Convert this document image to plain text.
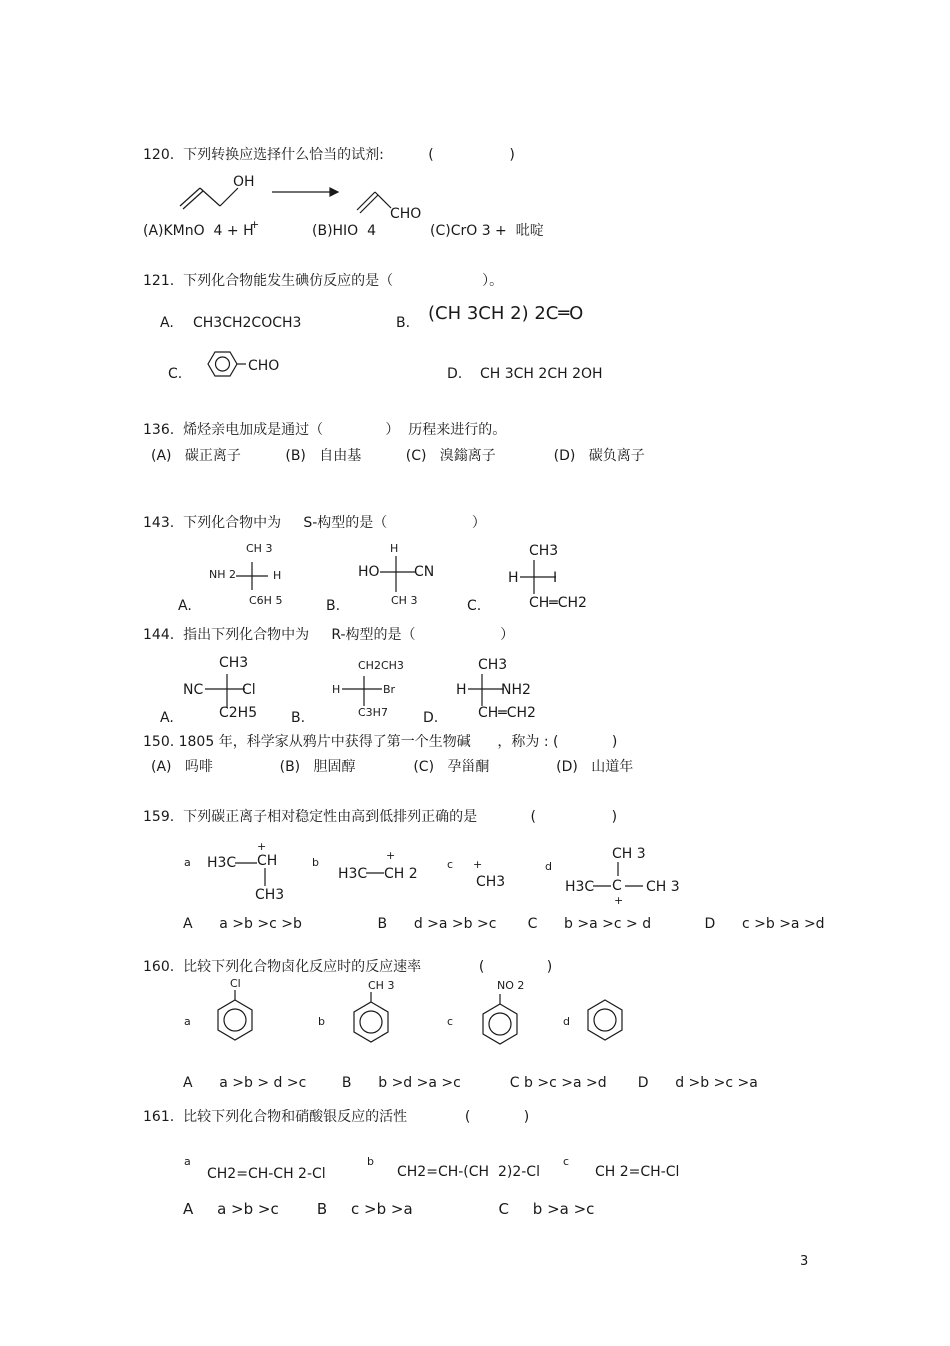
120.  下列转换应选择什么恰当的试剂:          (                 )
OH
CHO
(A)KMnO  4 + H
+	(B)HIO  4	(C)CrO 3 +  吡啶
121.  下列化合物能发生碘仿反应的是（                    ）。
A. CH3CH2COCH3	B. (CH 3CH 2) 2C═O
C.	CHO	D. CH 3CH 2CH 2OH
136.  烯烃亲电加成是通过（              ）  历程来进行的。
(A)   碳正离子          (B)   自由基          (C)   溴鎓离子             (D)   碳负离子
143.  下列化合物中为     S-构型的是（                   ）
CH 3
NH 2	H
C6H 5
A.
H
HO CN
CH 3
B.
CH3
H I
CH═CH2
C.
144.  指出下列化合物中为     R-构型的是（                   ）
CH3
NC	Cl
C2H5
A.
CH2CH3
H	Br
C3H7
B.
CH3
H NH2
CH═CH2
D.
150. 1805 年，科学家从鸦片中获得了第一个生物碱      ，称为 : (            )
(A)   吗啡               (B)   胆固醇             (C)   孕甾酮               (D)   山道年
159.  下列碳正离子相对稳定性由高到低排列正确的是            (                 )
a
+
H3C CH
CH3
b
+
H3C CH 2
c +
CH3
d
CH 3
H3C C CH 3
+
A      a >b >c >b                 B      d >a >b >c       C      b >a >c > d            D      c >b >a >d
160.  比较下列化合物卤化反应时的反应速率             (              )
a
Cl
b
CH 3
c
NO 2
d
A      a >b > d >c        B      b >d >a >c           C b >c >a >d       D      d >b >c >a
161.  比较下列化合物和硝酸银反应的活性             (            )
a
CH2=CH-CH 2-Cl
b
CH2=CH-(CH  2)2-Cl
c
CH 2=CH-Cl
A     a >b >c        B     c >b >a                  C     b >a >c
3
